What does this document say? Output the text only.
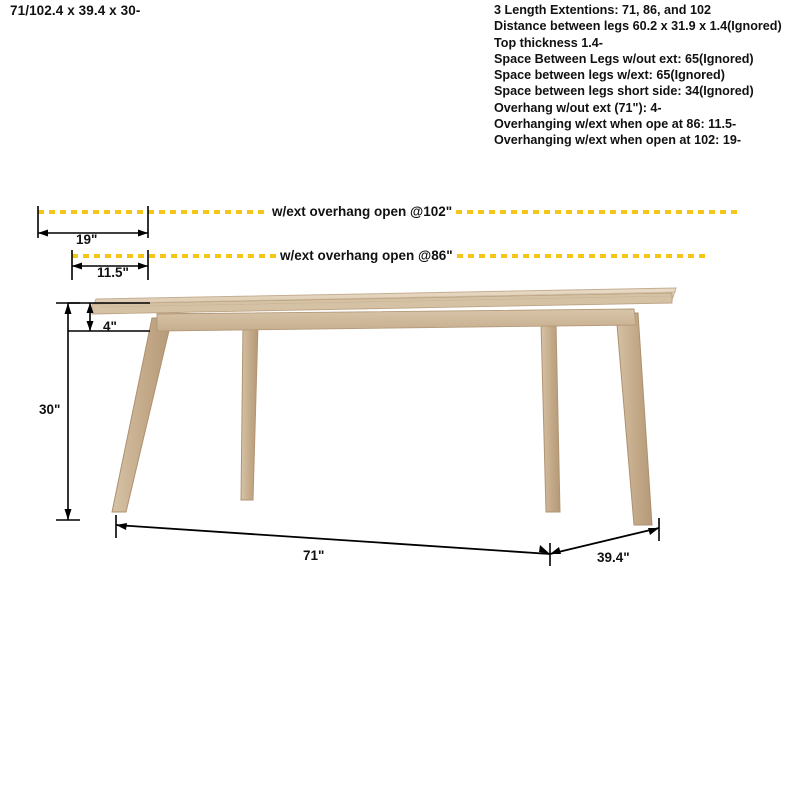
71/102.4 x 39.4 x 30-	3 Length Extentions: 71, 86, and 102
Distance between legs 60.2 x 31.9 x 1.4(Ignored)
Top thickness 1.4-
Space Between Legs w/out ext: 65(Ignored)
Space between legs w/ext: 65(Ignored)
Space between legs short side: 34(Ignored)
Overhang w/out ext (71"): 4-
Overhanging w/ext when ope at 86: 11.5-
Overhanging w/ext when open at 102: 19-
w/ext overhang open @102"
w/ext overhang open @86"
19"
11.5"
4"
30"
71"	39.4"
